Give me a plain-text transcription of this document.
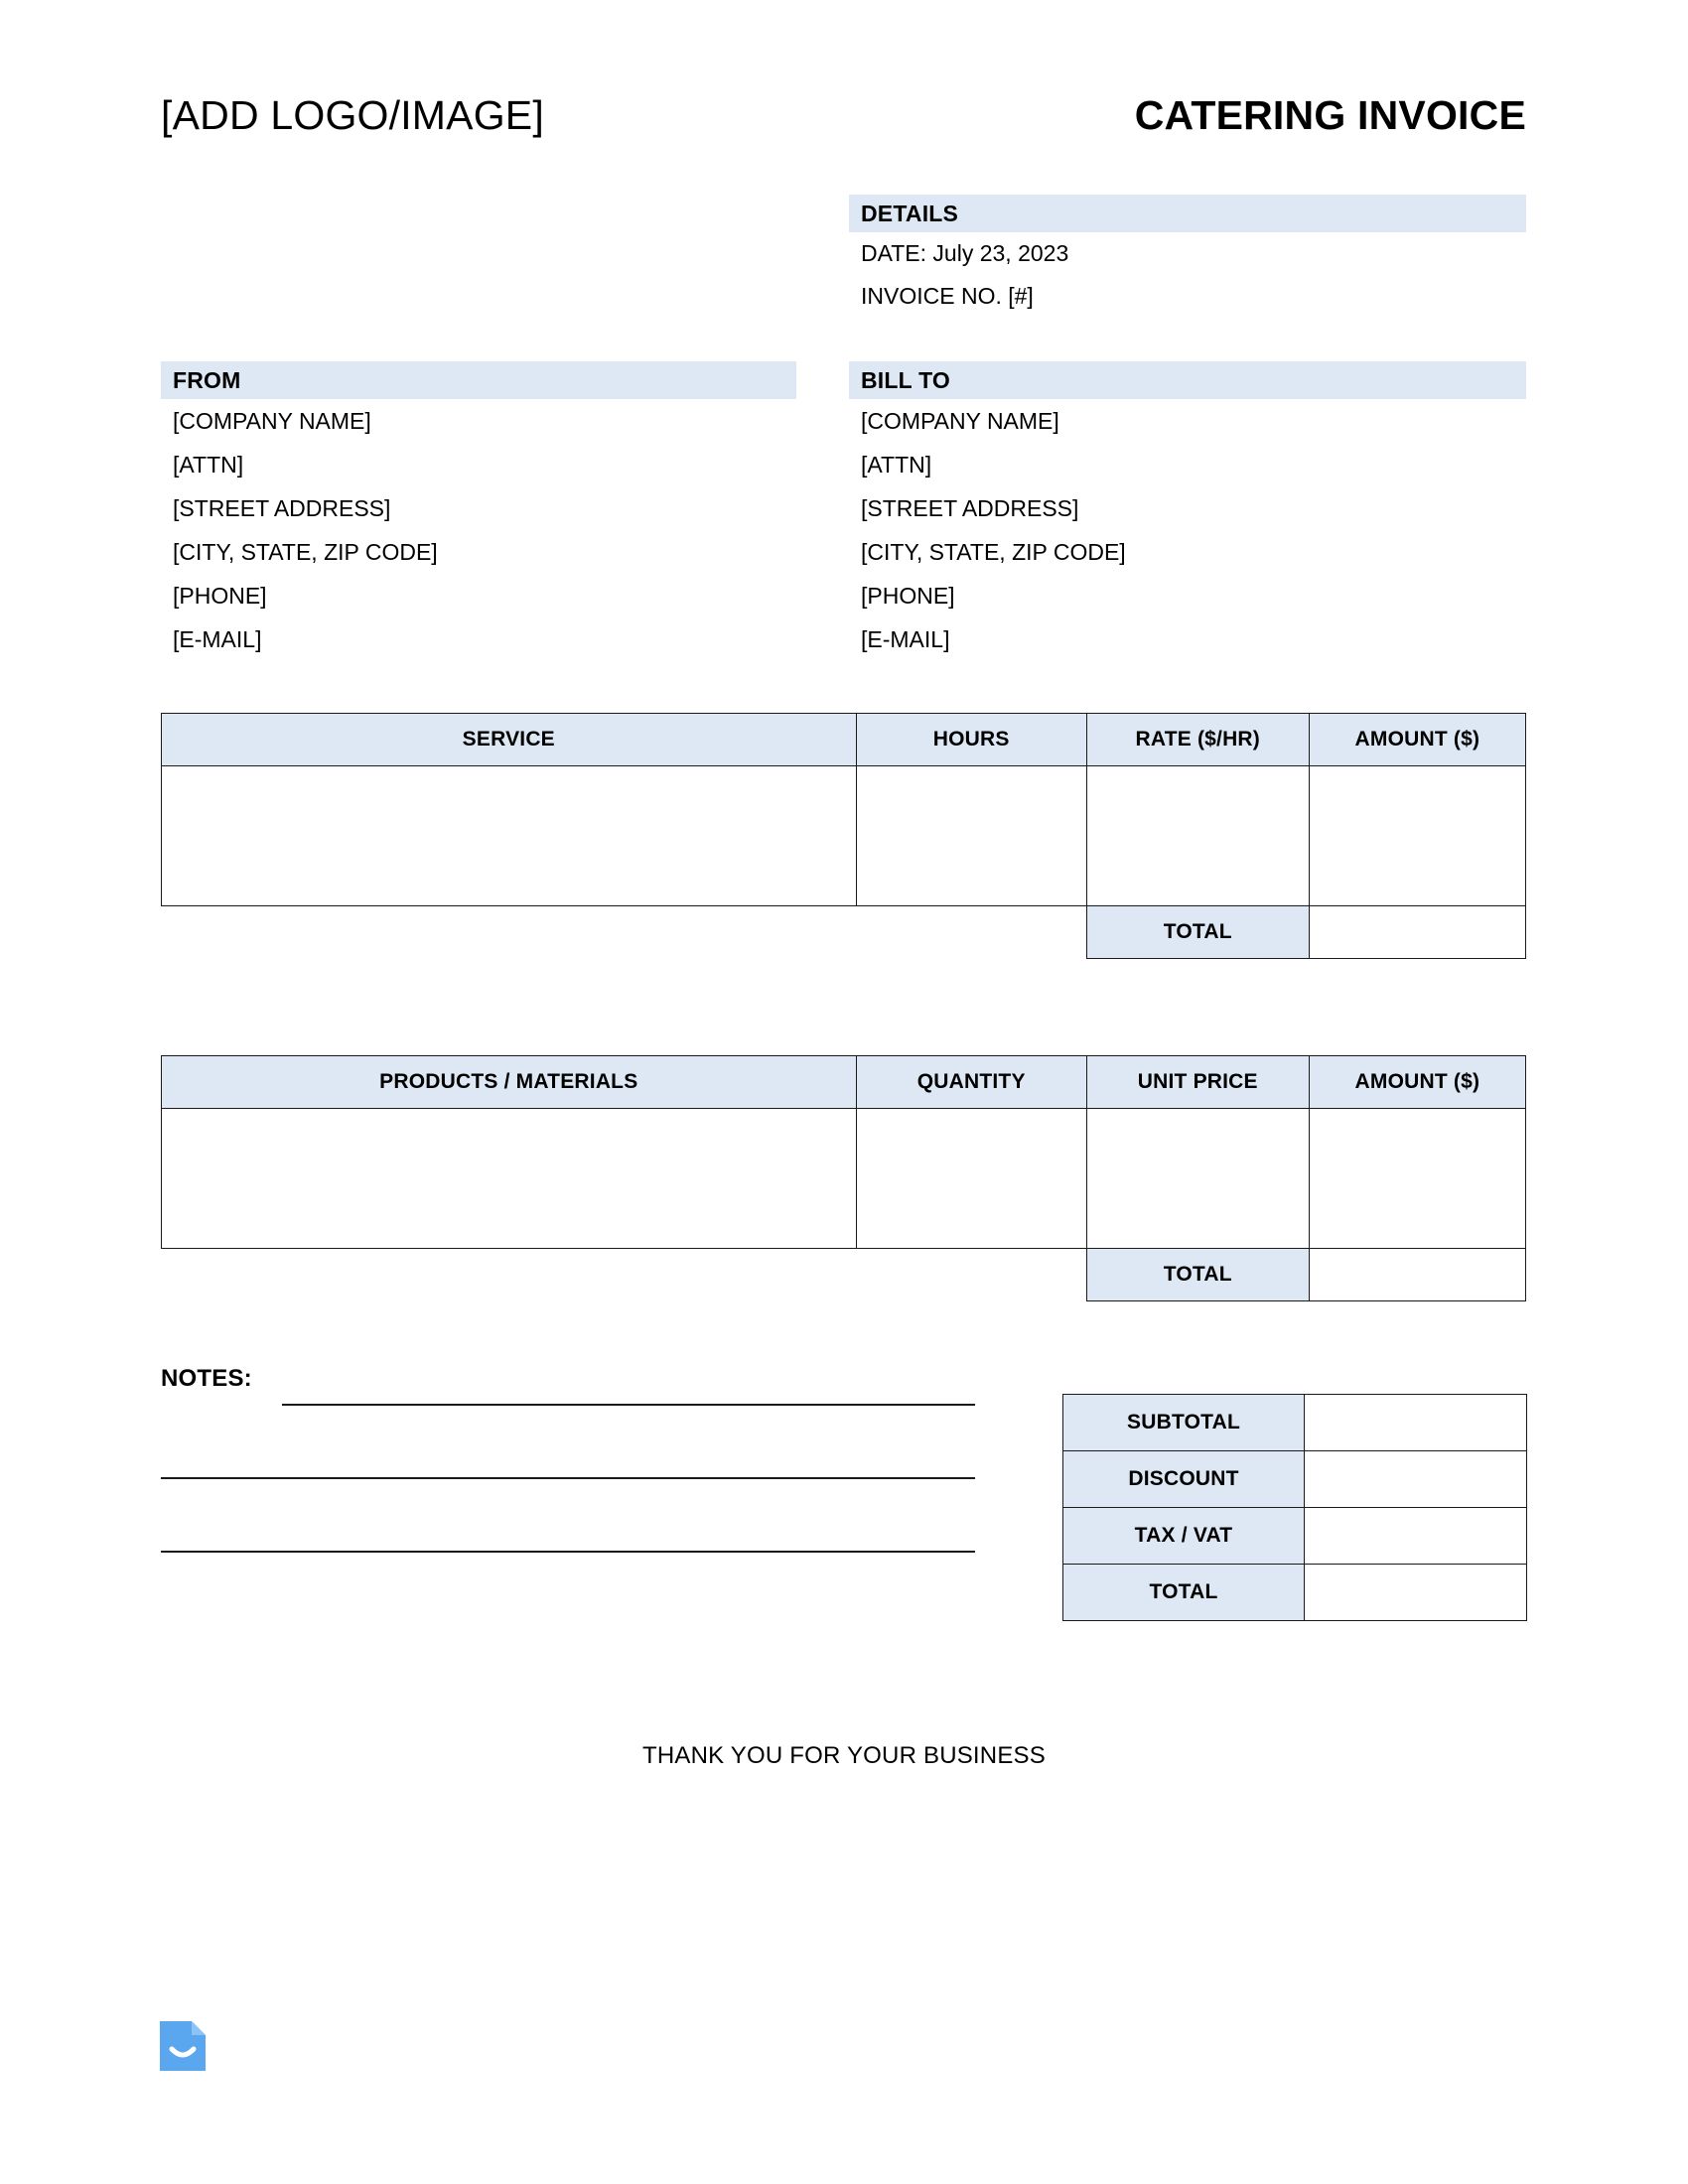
[ADD LOGO/IMAGE]	CATERING INVOICE
DETAILS
DATE: July 23, 2023
INVOICE NO. [#]
FROM
[COMPANY NAME]
[ATTN]
[STREET ADDRESS]
[CITY, STATE, ZIP CODE]
[PHONE]
[E-MAIL]
BILL TO
[COMPANY NAME]
[ATTN]
[STREET ADDRESS]
[CITY, STATE, ZIP CODE]
[PHONE]
[E-MAIL]
SERVICE	HOURS	RATE ($/HR)	AMOUNT ($)

		TOTAL	
PRODUCTS / MATERIALS	QUANTITY	UNIT PRICE	AMOUNT ($)

		TOTAL	
NOTES:
SUBTOTAL	
DISCOUNT	
TAX / VAT	
TOTAL	
THANK YOU FOR YOUR BUSINESS
